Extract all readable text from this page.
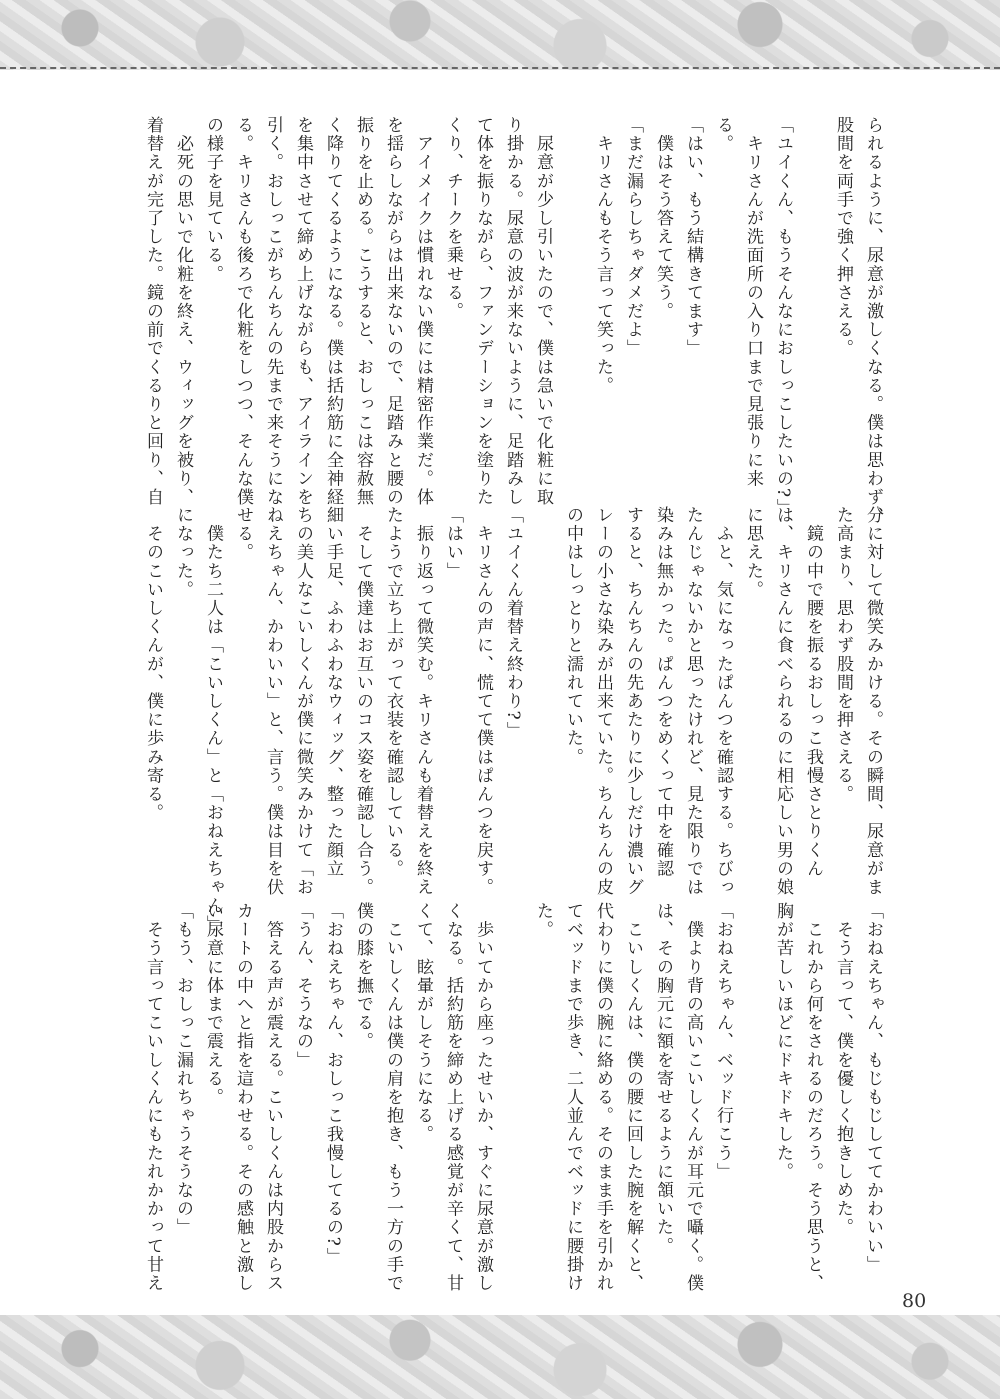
られるように、尿意が激しくなる。僕は思わず、
股間を両手で強く押さえる。

「ユイくん、もうそんなにおしっこしたいの?」
　キリさんが洗面所の入り口まで見張りに来
る。
「はい、もう結構きてます」
　僕はそう答えて笑う。
「まだ漏らしちゃダメだよ」
　キリさんもそう言って笑った。

　尿意が少し引いたので、僕は急いで化粧に取
り掛かる。尿意の波が来ないように、足踏みし
て体を振りながら、ファンデーションを塗りた
くり、チークを乗せる。
　アイメイクは慣れない僕には精密作業だ。体
を揺らしながらは出来ないので、足踏みと腰の
振りを止める。こうすると、おしっこは容赦無
く降りてくるようになる。僕は括約筋に全神経
を集中させて締め上げながらも、アイラインを
引く。おしっこがちんちんの先まで来そうにな
る。キリさんも後ろで化粧をしつつ、そんな僕
の様子を見ている。
　必死の思いで化粧を終え、ウィッグを被り、
着替えが完了した。鏡の前でくるりと回り、自
分に対して微笑みかける。その瞬間、尿意がま
た高まり、思わず股間を押さえる。
　鏡の中で腰を振るおしっこ我慢さとりくん
は、キリさんに食べられるのに相応しい男の娘
に思えた。
　ふと、気になったぱんつを確認する。ちびっ
たんじゃないかと思ったけれど、見た限りでは
染みは無かった。ぱんつをめくって中を確認
すると、ちんちんの先あたりに少しだけ濃いグ
レーの小さな染みが出来ていた。ちんちんの皮
の中はしっとりと濡れていた。

「ユイくん着替え終わり?」
　キリさんの声に、慌てて僕はぱんつを戻す。
「はい」
　振り返って微笑む。キリさんも着替えを終え
たようで立ち上がって衣装を確認している。
　そして僕達はお互いのコス姿を確認し合う。
細い手足、ふわふわなウィッグ、整った顔立
ちの美人なこいしくんが僕に微笑みかけて「お
ねえちゃん、かわいい」と、言う。僕は目を伏
せる。
　僕たち二人は「こいしくん」と「おねえちゃん」
になった。
　そのこいしくんが、僕に歩み寄る。
「おねえちゃん、もじもじしててかわいい」
　そう言って、僕を優しく抱きしめた。
　これから何をされるのだろう。そう思うと、
胸が苦しいほどにドキドキした。

「おねえちゃん、ベッド行こう」
　僕より背の高いこいしくんが耳元で囁く。僕
は、その胸元に額を寄せるように頷いた。
　こいしくんは、僕の腰に回した腕を解くと、
代わりに僕の腕に絡める。そのまま手を引かれ
てベッドまで歩き、二人並んでベッドに腰掛け
た。

　歩いてから座ったせいか、すぐに尿意が激し
くなる。括約筋を締め上げる感覚が辛くて、甘
くて、眩暈がしそうになる。
　こいしくんは僕の肩を抱き、もう一方の手で
僕の膝を撫でる。
「おねえちゃん、おしっこ我慢してるの?」
「うん、そうなの」
　答える声が震える。こいしくんは内股からス
カートの中へと指を這わせる。その感触と激し
い尿意に体まで震える。
「もう、おしっこ漏れちゃうそうなの」
　そう言ってこいしくんにもたれかかって甘え
80
